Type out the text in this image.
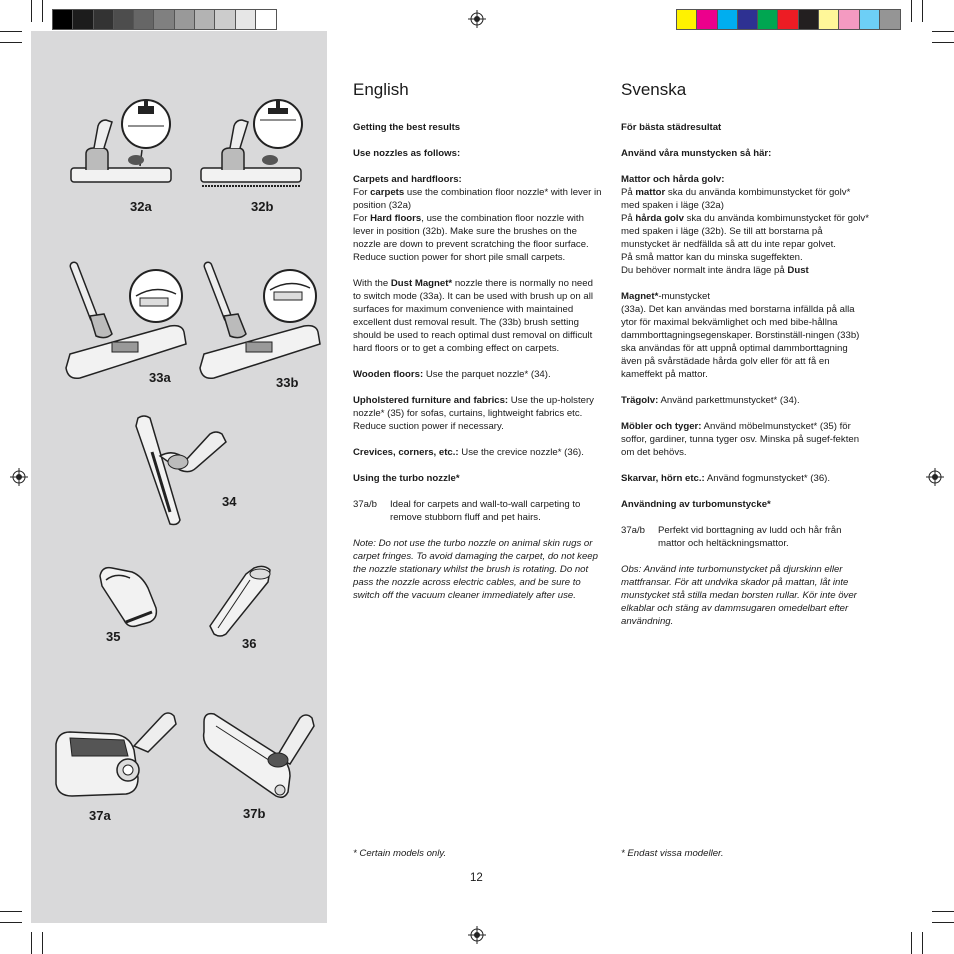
32a	32b
33a	33b
34
35	36
37a	37b
English
Getting the best results
Use nozzles as follows:
Carpets and hardfloors:
For carpets use the combination floor nozzle* with lever in position (32a)
For Hard floors, use the combination floor nozzle with lever in position (32b). Make sure the brushes on the nozzle are down to prevent scratching the floor surface.
Reduce suction power for short pile small carpets.
With the Dust Magnet* nozzle there is normally no need to switch mode (33a). It can be used with brush up on all surfaces for maximum convenience with maintained excellent dust removal result. The (33b) brush setting should be used to reach optimal dust removal on difficult hard floors or to get a combing effect on carpets.
Wooden floors: Use the parquet nozzle* (34).
Upholstered furniture and fabrics: Use the up-holstery nozzle* (35) for sofas, curtains, lightweight fabrics etc. Reduce suction power if necessary.
Crevices, corners, etc.: Use the crevice nozzle* (36).
Using the turbo nozzle*
37a/b	Ideal for carpets and wall-to-wall carpeting to remove stubborn fluff and pet hairs.
Note: Do not use the turbo nozzle on animal skin rugs or carpet fringes. To avoid damaging the carpet, do not keep the nozzle stationary whilst the brush is rotating. Do not pass the nozzle across electric cables, and be sure to switch off the vacuum cleaner immediately after use.
* Certain models only.
Svenska
För bästa städresultat
Använd våra munstycken så här:
Mattor och hårda golv:
På mattor ska du använda kombimunstycket för golv* med spaken i läge (32a)
På hårda golv ska du använda kombimunstycket för golv* med spaken i läge (32b). Se till att borstarna på munstycket är nedfällda så att du inte repar golvet.
På små mattor kan du minska sugeffekten.
Du behöver normalt inte ändra läge på Dust
Magnet*-munstycket
(33a). Det kan användas med borstarna infällda på alla ytor för maximal bekvämlighet och med bibe-hållna dammborttagningsegenskaper. Borstinställ-ningen (33b) ska användas för att uppnå optimal dammborttagning även på svårstädade hårda golv eller för att få en kameffekt på mattor.
Trägolv: Använd parkettmunstycket* (34).
Möbler och tyger: Använd möbelmunstycket* (35) för soffor, gardiner, tunna tyger osv. Minska på sugef-fekten om det behövs.
Skarvar, hörn etc.: Använd fogmunstycket* (36).
Användning av turbomunstycke*
37a/b	Perfekt vid borttagning av ludd och hår från mattor och heltäckningsmattor.
Obs: Använd inte turbomunstycket på djurskinn eller mattfransar. För att undvika skador på mattan, låt inte munstycket stå stilla medan borsten rullar. Kör inte över elkablar och stäng av dammsugaren omedelbart efter användning.
* Endast vissa modeller.
12
